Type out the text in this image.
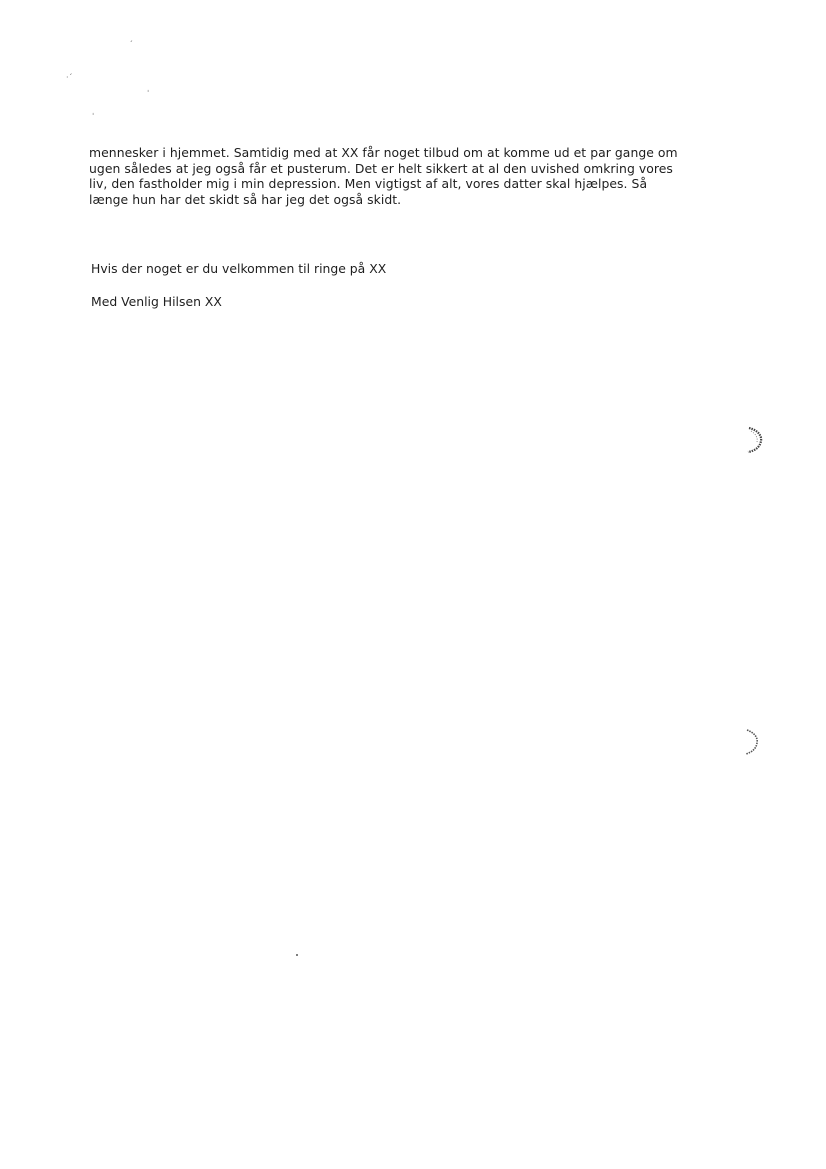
ˊ
·ˊ
ˌ
ˈ

mennesker i hjemmet. Samtidig med at XX får noget tilbud om at komme ud et par gange om
ugen således at jeg også får et pusterum. Det er helt sikkert at al den uvished omkring vores
liv, den fastholder mig i min depression. Men vigtigst af alt, vores datter skal hjælpes. Så
længe hun har det skidt så har jeg det også skidt.

Hvis der noget er du velkommen til ringe på XX

Med Venlig Hilsen XX
